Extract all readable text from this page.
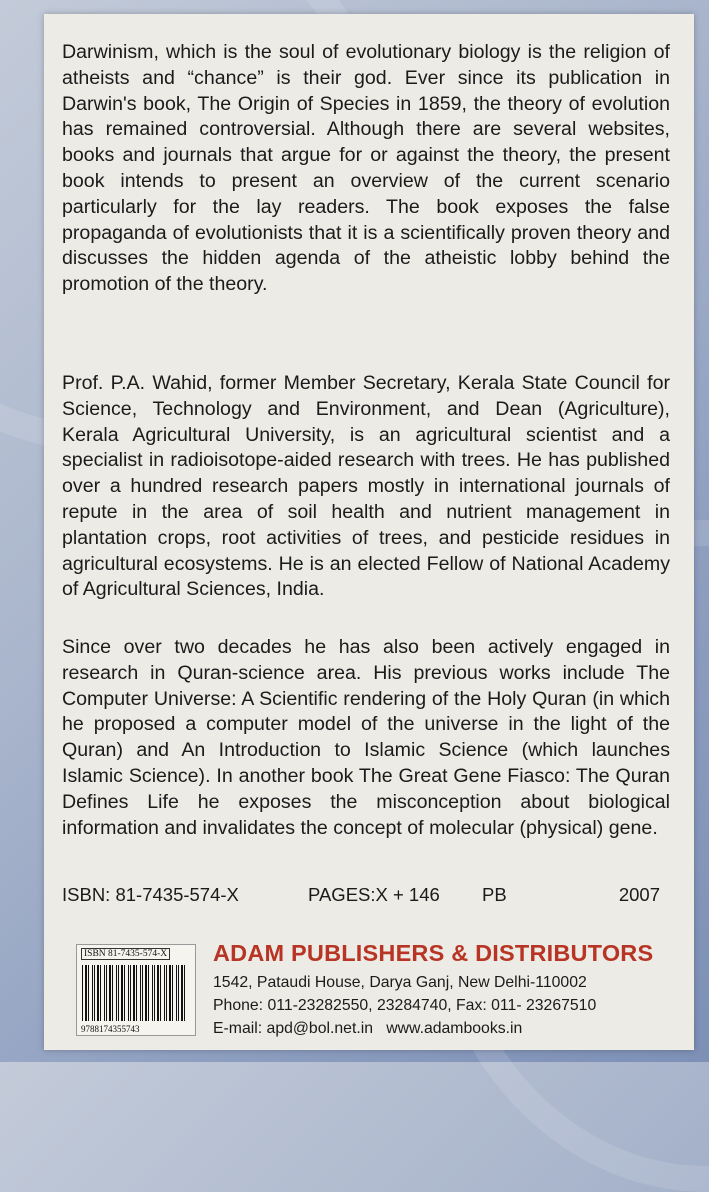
Darwinism, which is the soul of evolutionary biology is the religion of atheists and “chance” is their god. Ever since its publication in Darwin's book, The Origin of Species in 1859, the theory of evolution has remained controversial. Although there are several websites, books and journals that argue for or against the theory, the present book intends to present an overview of the current scenario particularly for the lay readers. The book exposes the false propaganda of evolutionists that it is a scientifically proven theory and discusses the hidden agenda of the atheistic lobby behind the promotion of the theory.

Prof. P.A. Wahid, former Member Secretary, Kerala State Council for Science, Technology and Environment, and Dean (Agriculture), Kerala Agricultural University, is an agricultural scientist and a specialist in radioisotope-aided research with trees. He has published over a hundred research papers mostly in international journals of repute in the area of soil health and nutrient management in plantation crops, root activities of trees, and pesticide residues in agricultural ecosystems. He is an elected Fellow of National Academy of Agricultural Sciences, India.

Since over two decades he has also been actively engaged in research in Quran-science area. His previous works include The Computer Universe: A Scientific rendering of the Holy Quran (in which he proposed a computer model of the universe in the light of the Quran) and An Introduction to Islamic Science (which launches Islamic Science). In another book The Great Gene Fiasco: The Quran Defines Life he exposes the misconception about biological information and invalidates the concept of molecular (physical) gene.

ISBN: 81-7435-574-X	PAGES:X + 146 PB	2007
ISBN 81-7435-574-X
9788174355743
ADAM PUBLISHERS & DISTRIBUTORS
1542, Pataudi House, Darya Ganj, New Delhi-110002
Phone: 011-23282550, 23284740, Fax: 011- 23267510
E-mail: apd@bol.net.in   www.adambooks.in
